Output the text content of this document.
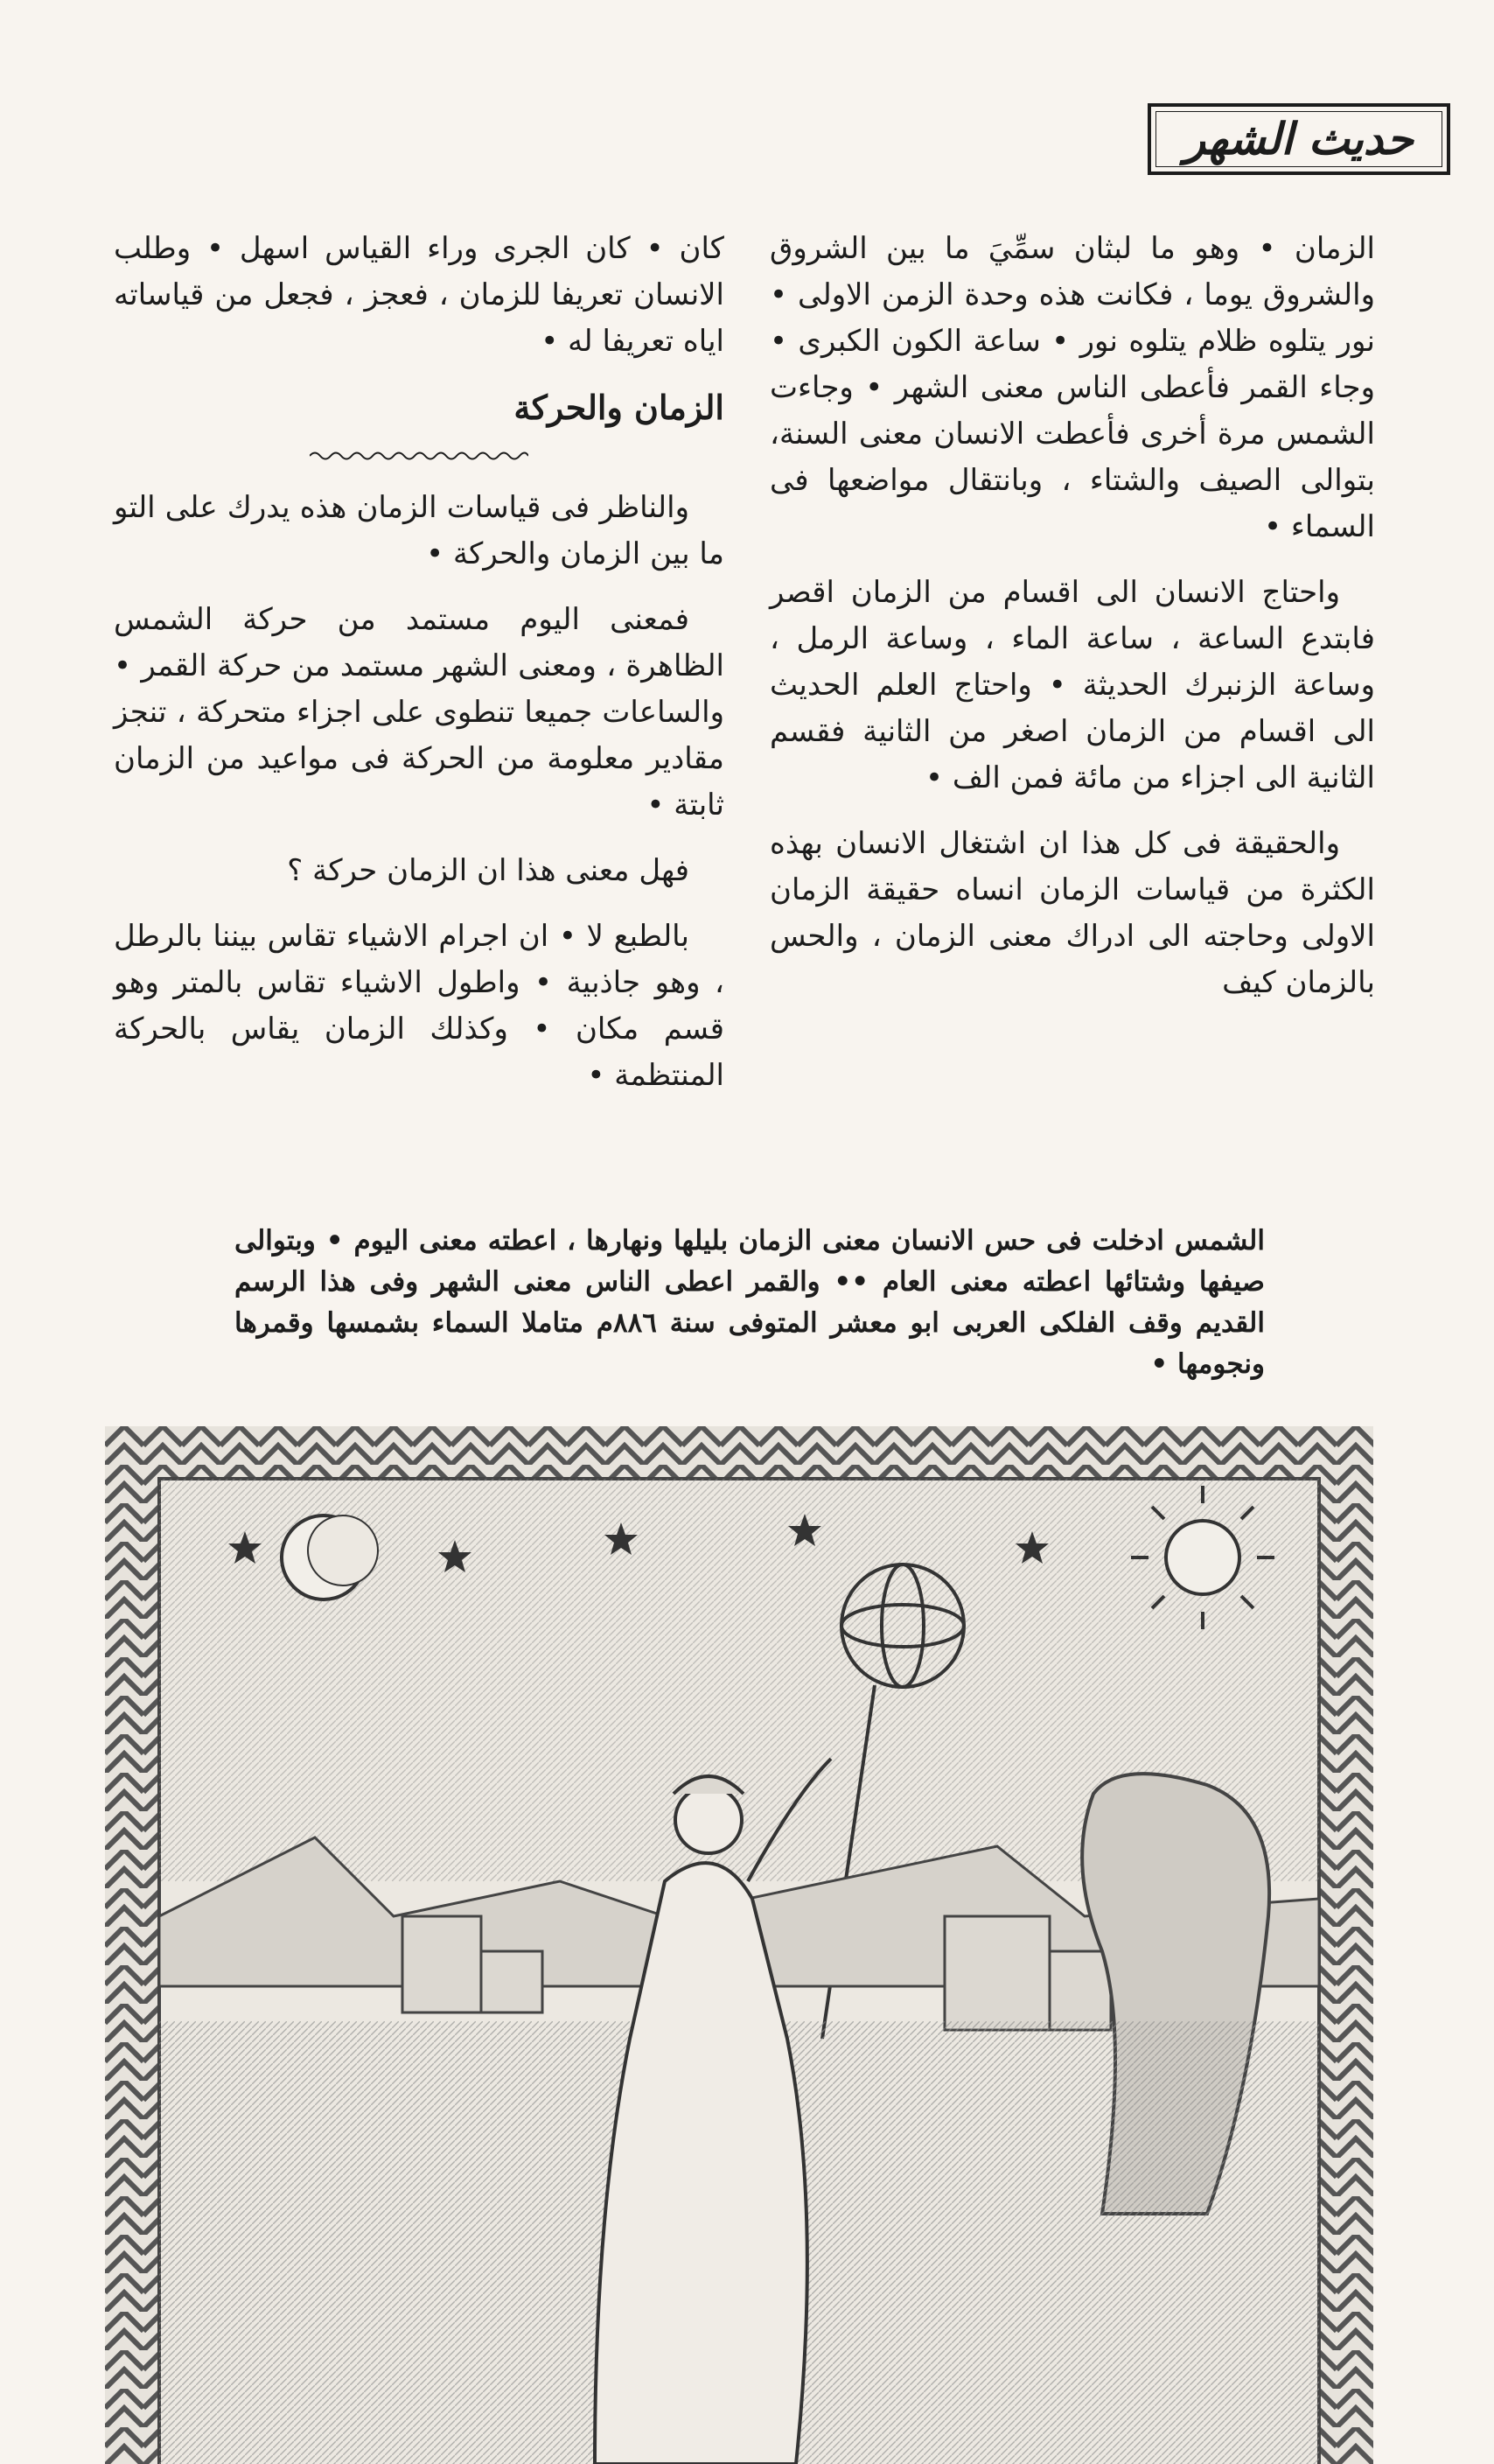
حديث الشهر

الزمان • وهو ما لبثان سمِّيَ ما بين الشروق والشروق يوما ، فكانت هذه وحدة الزمن الاولى • نور يتلوه ظلام يتلوه نور • ساعة الكون الكبرى • وجاء القمر فأعطى الناس معنى الشهر • وجاءت الشمس مرة أخرى فأعطت الانسان معنى السنة، بتوالى الصيف والشتاء ، وبانتقال مواضعها فى السماء •

واحتاج الانسان الى اقسام من الزمان اقصر فابتدع الساعة ، ساعة الماء ، وساعة الرمل ، وساعة الزنبرك الحديثة • واحتاج العلم الحديث الى اقسام من الزمان اصغر من الثانية فقسم الثانية الى اجزاء من مائة فمن الف •

والحقيقة فى كل هذا ان اشتغال الانسان بهذه الكثرة من قياسات الزمان انساه حقيقة الزمان الاولى وحاجته الى ادراك معنى الزمان ، والحس بالزمان كيف

كان • كان الجرى وراء القياس اسهل • وطلب الانسان تعريفا للزمان ، فعجز ، فجعل من قياساته اياه تعريفا له •

الزمان والحركة

والناظر فى قياسات الزمان هذه يدرك على التو ما بين الزمان والحركة •

فمعنى اليوم مستمد من حركة الشمس الظاهرة ، ومعنى الشهر مستمد من حركة القمر • والساعات جميعا تنطوى على اجزاء متحركة ، تنجز مقادير معلومة من الحركة فى مواعيد من الزمان ثابتة •

فهل معنى هذا ان الزمان حركة ؟

بالطبع لا • ان اجرام الاشياء تقاس بيننا بالرطل ، وهو جاذبية • واطول الاشياء تقاس بالمتر وهو قسم مكان • وكذلك الزمان يقاس بالحركة المنتظمة •

الشمس ادخلت فى حس الانسان معنى الزمان بليلها ونهارها ، اعطته معنى اليوم • وبتوالى صيفها وشتائها اعطته معنى العام •• والقمر اعطى الناس معنى الشهر وفى هذا الرسم القديم وقف الفلكى العربى ابو معشر المتوفى سنة ٨٨٦م متاملا السماء بشمسها وقمرها ونجومها •
